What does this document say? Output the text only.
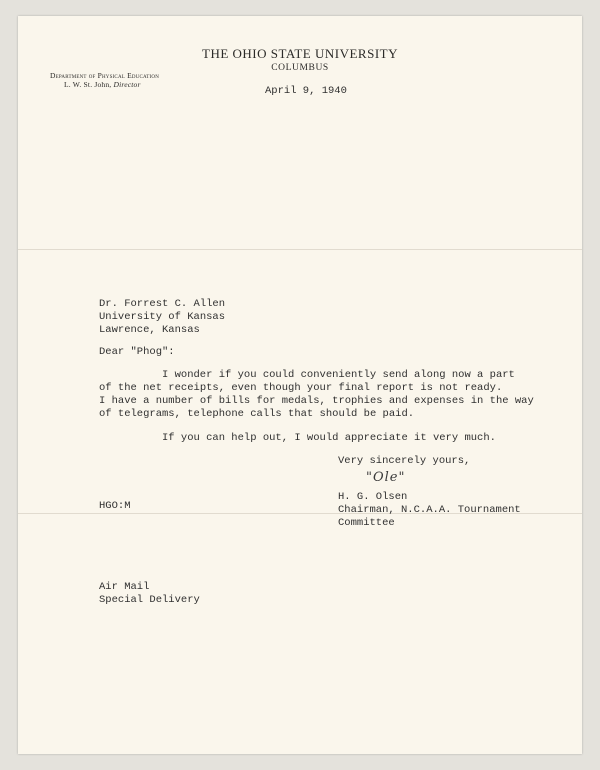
THE OHIO STATE UNIVERSITY
COLUMBUS
Department of Physical Education
L. W. St. John, Director
April 9, 1940
Dr. Forrest C. Allen
University of Kansas
Lawrence, Kansas
Dear "Phog":
I wonder if you could conveniently send along now a part
of the net receipts, even though your final report is not ready.
I have a number of bills for medals, trophies and expenses in the way
of telegrams, telephone calls that should be paid.
If you can help out, I would appreciate it very much.
Very sincerely yours,
"Ole"
H. G. Olsen
Chairman, N.C.A.A. Tournament
Committee
HGO:M
Air Mail
Special Delivery
